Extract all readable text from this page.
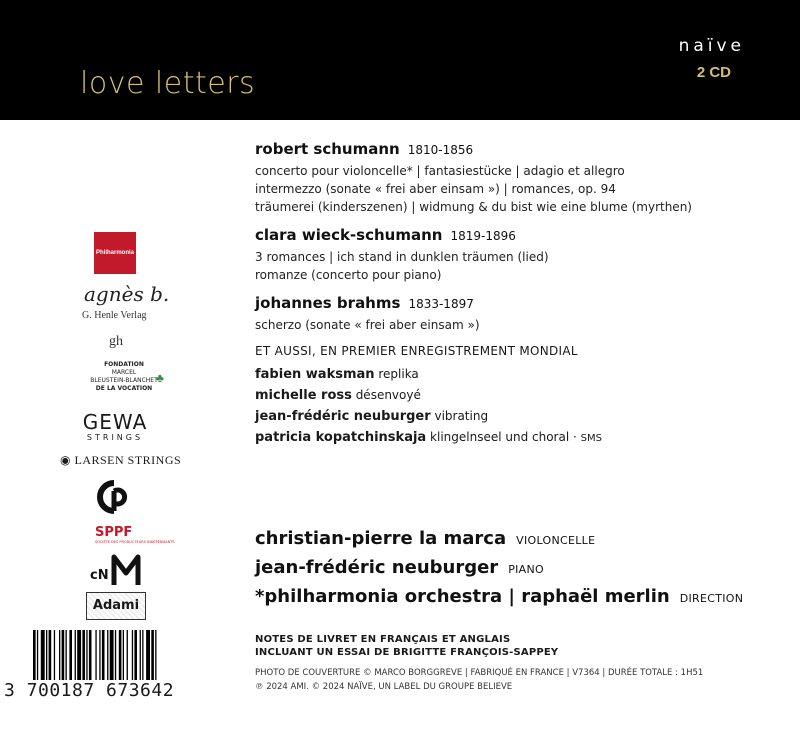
love letters
naïve
2 CD
Philharmonia
agnès b.
G. Henle Verlag
gh
FONDATION
MARCEL
BLEUSTEIN-BLANCHET
DE LA VOCATION
♣
GEWA
STRINGS
◉ LARSEN STRINGS
SPPF
SOCIÉTÉ DES PRODUCTEURS INDÉPENDANTS
cN
Adami
robert schumann 1810-1856
concerto pour violoncelle* | fantasiestücke | adagio et allegro
intermezzo (sonate « frei aber einsam ») | romances, op. 94
träumerei (kinderszenen) | widmung & du bist wie eine blume (myrthen)
clara wieck-schumann 1819-1896
3 romances | ich stand in dunklen träumen (lied)
romanze (concerto pour piano)
johannes brahms 1833-1897
scherzo (sonate « frei aber einsam »)
ET AUSSI, EN PREMIER ENREGISTREMENT MONDIAL
fabien waksman replika
michelle ross désenvoyé
jean-frédéric neuburger vibrating
patricia kopatchinskaja klingelnseel und choral · SMS
christian-pierre la marca VIOLONCELLE
jean-frédéric neuburger PIANO
*philharmonia orchestra | raphaël merlin DIRECTION
NOTES DE LIVRET EN FRANÇAIS ET ANGLAIS
INCLUANT UN ESSAI DE BRIGITTE FRANÇOIS-SAPPEY
PHOTO DE COUVERTURE © MARCO BORGGREVE | FABRIQUÉ EN FRANCE | V7364 | DURÉE TOTALE : 1H51
℗ 2024 AMI. © 2024 NAÏVE, UN LABEL DU GROUPE BELIEVE
3 700187 673642
